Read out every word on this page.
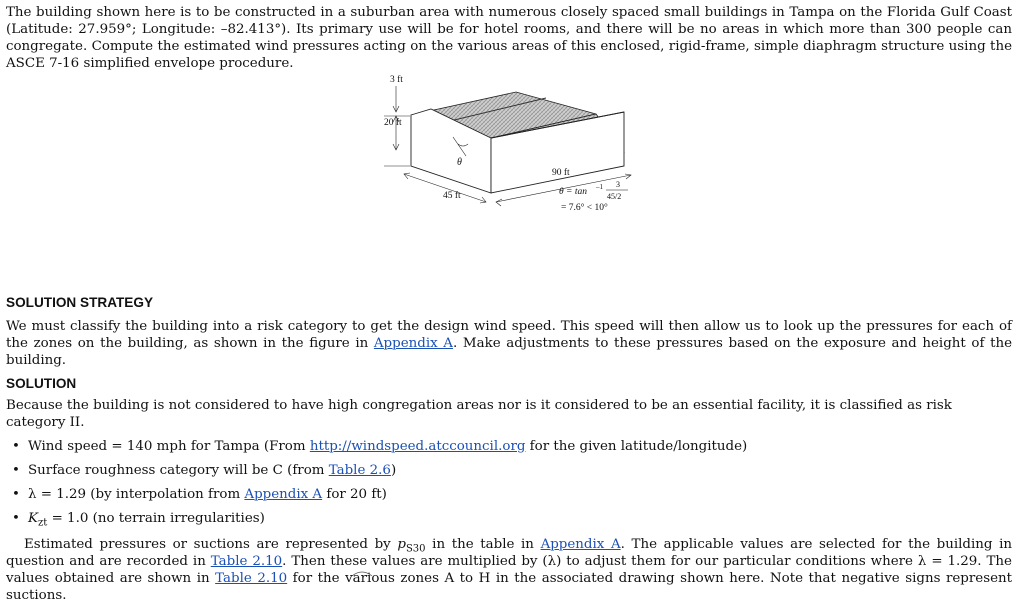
The building shown here is to be constructed in a suburban area with numerous closely spaced small buildings in Tampa on the Florida Gulf Coast (Latitude: 27.959°; Longitude: –82.413°). Its primary use will be for hotel rooms, and there will be no areas in which more than 300 people can congregate. Compute the estimated wind pressures acting on the various areas of this enclosed, rigid-frame, simple diaphragm structure using the ASCE 7-16 simplified envelope procedure.

3 ft
20 ft
θ
90 ft
45 ft	θ = tan –1 3
45/2
= 7.6° < 10°
SOLUTION STRATEGY

We must classify the building into a risk category to get the design wind speed. This speed will then allow us to look up the pressures for each of the zones on the building, as shown in the figure in Appendix A. Make adjustments to these pressures based on the exposure and height of the building.

SOLUTION

Because the building is not considered to have high congregation areas nor is it considered to be an essential facility, it is classified as risk category II.

• Wind speed = 140 mph for Tampa (From http://windspeed.atccouncil.org for the given latitude/longitude)
• Surface roughness category will be C (from Table 2.6)
• λ = 1.29 (by interpolation from Appendix A for 20 ft)
• $K_{zt} = 1.0$ (no terrain irregularities)

Estimated pressures or suctions are represented by $p_{S30}$ in the table in Appendix A. The applicable values are selected for the building in question and are recorded in Table 2.10. Then these values are multiplied by (λ) to adjust them for our particular conditions where λ = 1.29. The values obtained are shown in Table 2.10 for the various zones A to H in the associated drawing shown here. Note that negative signs represent suctions.
